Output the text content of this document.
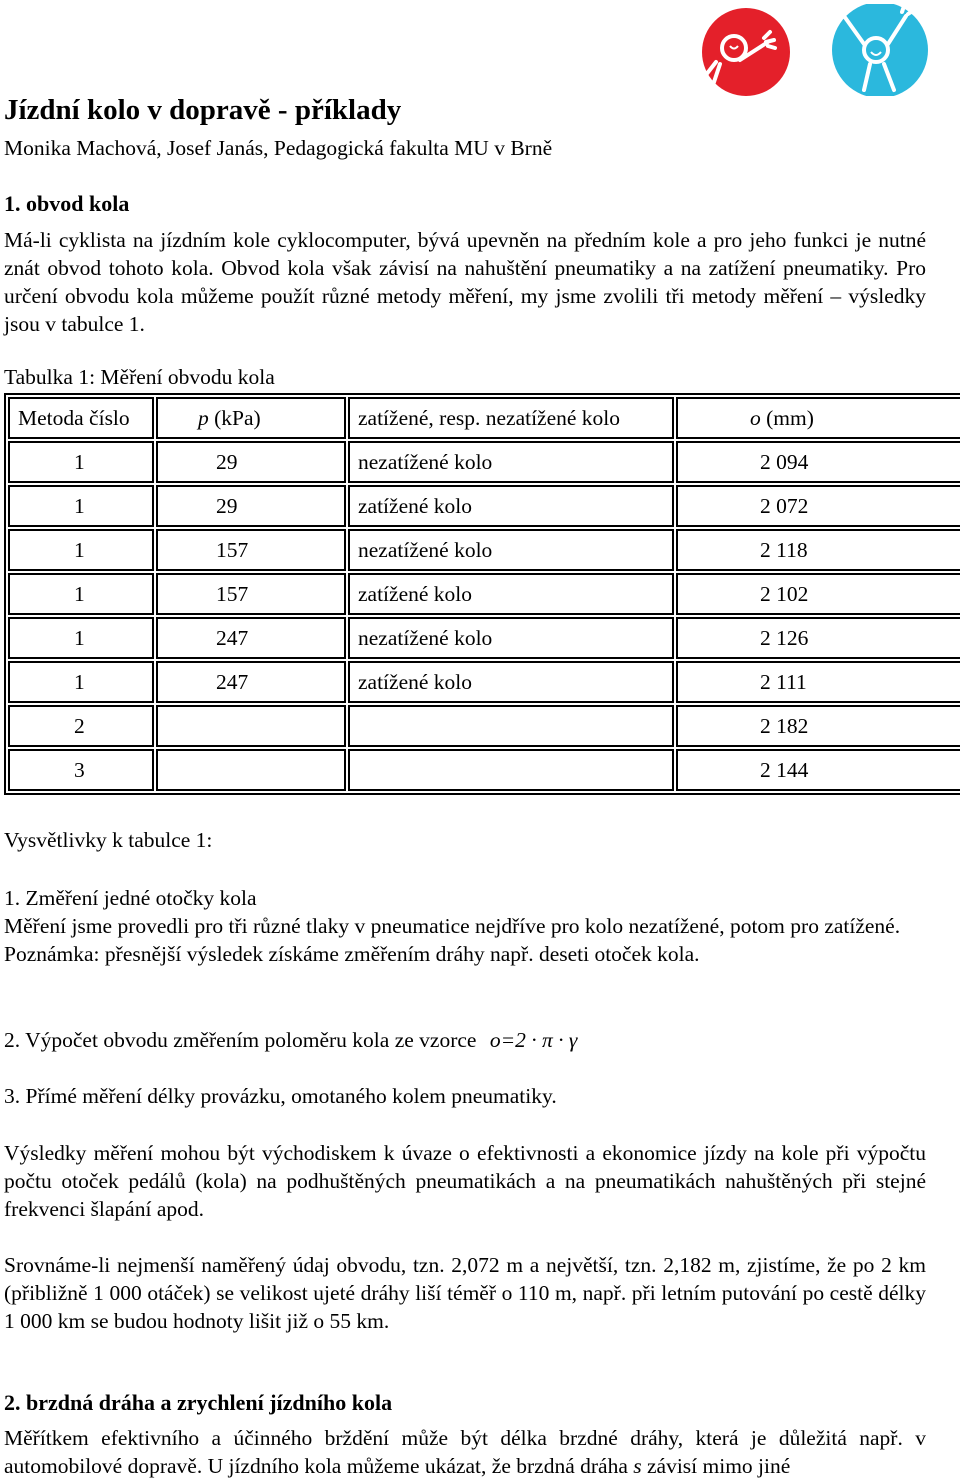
Jízdní kolo v dopravě - příklady
Monika Machová, Josef Janás, Pedagogická fakulta MU v Brně
1. obvod kola

Má-li cyklista na jízdním kole cyklocomputer, bývá upevněn na předním kole a pro jeho funkci je nutné znát obvod tohoto kola. Obvod kola však závisí na nahuštění pneumatiky a na zatížení pneumatiky. Pro určení obvodu kola můžeme použít různé metody měření, my jsme zvolili tři metody měření – výsledky jsou v tabulce 1.

Tabulka 1: Měření obvodu kola
Metoda číslo	p (kPa)	zatížené, resp. nezatížené kolo	o (mm)
1	29	nezatížené kolo	2 094
1	29	zatížené kolo	2 072
1	157	nezatížené kolo	2 118
1	157	zatížené kolo	2 102
1	247	nezatížené kolo	2 126
1	247	zatížené kolo	2 111
2			2 182
3			2 144
Vysvětlivky k tabulce 1:

1. Změření jedné otočky kola

Měření jsme provedli pro tři různé tlaky v pneumatice nejdříve pro kolo nezatížené, potom pro zatížené.

Poznámka: přesnější výsledek získáme změřením dráhy např. deseti otoček kola.

2. Výpočet obvodu změřením poloměru kola ze vzorce o=2 · π · γ

3. Přímé měření délky provázku, omotaného kolem pneumatiky.

Výsledky měření mohou být východiskem k úvaze o efektivnosti a ekonomice jízdy na kole při výpočtu počtu otoček pedálů (kola) na podhuštěných pneumatikách a na pneumatikách nahuštěných při stejné frekvenci šlapání apod.

Srovnáme-li nejmenší naměřený údaj obvodu, tzn. 2,072 m a největší, tzn. 2,182 m, zjistíme, že po 2 km (přibližně 1 000 otáček) se velikost ujeté dráhy liší téměř o 110 m, např. při letním putování po cestě délky 1 000 km se budou hodnoty lišit již o 55 km.

2. brzdná dráha a zrychlení jízdního kola

Měřítkem efektivního a účinného brždění může být délka brzdné dráhy, která je důležitá např. v automobilové dopravě. U jízdního kola můžeme ukázat, že brzdná dráha s závisí mimo jiné
